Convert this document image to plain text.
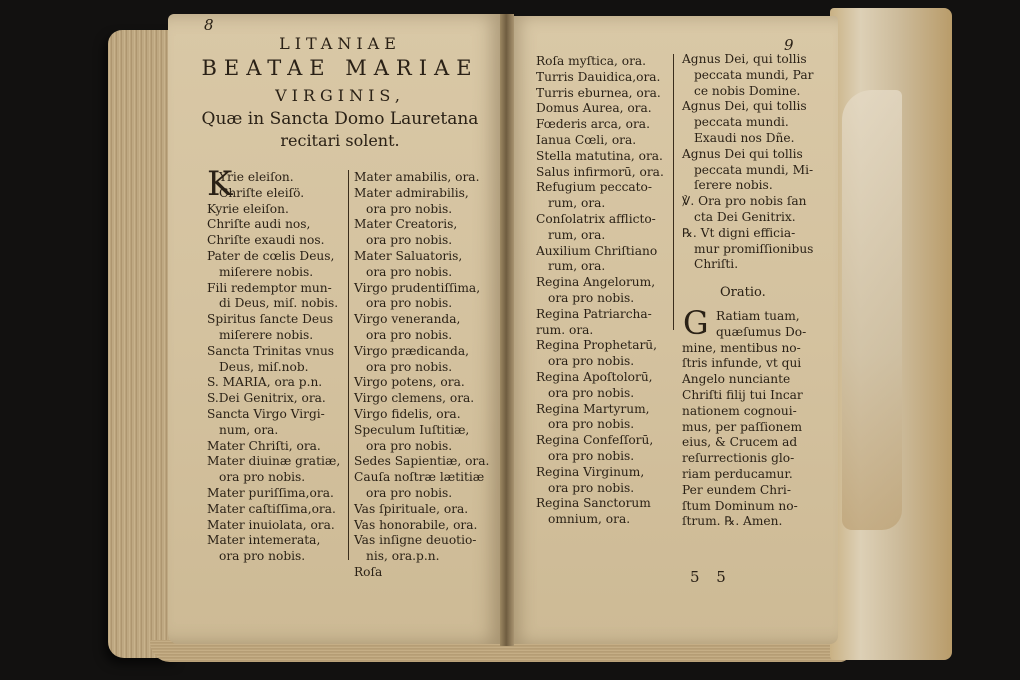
8
9
LITANIAE
BEATAE MARIAE
VIRGINIS,
Quæ in Sancta Domo Lauretana
recitari solent.
K
Yrie eleiſon.
Chriſte eleiſö.
Kyrie eleiſon.
Chriſte audi nos,
Chriſte exaudi nos.
Pater de cœlis Deus,
miſerere nobis.
Fili redemptor mun-
di Deus, miſ. nobis.
Spiritus ſancte Deus
miſerere nobis.
Sancta Trinitas vnus
Deus, miſ.nob.
S. MARIA, ora p.n.
S.Dei Genitrix, ora.
Sancta Virgo Virgi-
num, ora.
Mater Chriſti, ora.
Mater diuinæ gratiæ,
ora pro nobis.
Mater puriſſima,ora.
Mater caſtiſſima,ora.
Mater inuiolata, ora.
Mater intemerata,
ora pro nobis.
Mater amabilis, ora.
Mater admirabilis,
ora pro nobis.
Mater Creatoris,
ora pro nobis.
Mater Saluatoris,
ora pro nobis.
Virgo prudentiſſima,
ora pro nobis.
Virgo veneranda,
ora pro nobis.
Virgo prædicanda,
ora pro nobis.
Virgo potens, ora.
Virgo clemens, ora.
Virgo fidelis, ora.
Speculum Iuſtitiæ,
ora pro nobis.
Sedes Sapientiæ, ora.
Cauſa noſtræ lætitiæ
ora pro nobis.
Vas ſpirituale, ora.
Vas honorabile, ora.
Vas inſigne deuotio-
nis, ora.p.n.
Roſa
Roſa myſtica, ora.
Turris Dauidica,ora.
Turris eburnea, ora.
Domus Aurea, ora.
Fœderis arca, ora.
Ianua Cœli, ora.
Stella matutina, ora.
Salus infirmorū, ora.
Refugium peccato-
rum, ora.
Conſolatrix afflicto-
rum, ora.
Auxilium Chriſtiano
rum, ora.
Regina Angelorum,
ora pro nobis.
Regina Patriarcha-
rum. ora.
Regina Prophetarū,
ora pro nobis.
Regina Apoſtolorū,
ora pro nobis.
Regina Martyrum,
ora pro nobis.
Regina Confeſſorū,
ora pro nobis.
Regina Virginum,
ora pro nobis.
Regina Sanctorum
omnium, ora.
Agnus Dei, qui tollis
peccata mundi, Par
ce nobis Domine.
Agnus Dei, qui tollis
peccata mundi.
Exaudi nos Dñe.
Agnus Dei qui tollis
peccata mundi, Mi-
ſerere nobis.
℣. Ora pro nobis ſan
cta Dei Genitrix.
℞. Vt digni efficia-
mur promiſſionibus
Chriſti.
Oratio.
G Ratiam tuam,
quæſumus Do-
mine, mentibus no-
ſtris infunde, vt qui
Angelo nunciante
Chriſti filij tui Incar
nationem cognoui-
mus, per paſſionem
eius, & Crucem ad
reſurrectionis glo-
riam perducamur.
Per eundem Chri-
ſtum Dominum no-
ſtrum. ℞. Amen.
5 5
